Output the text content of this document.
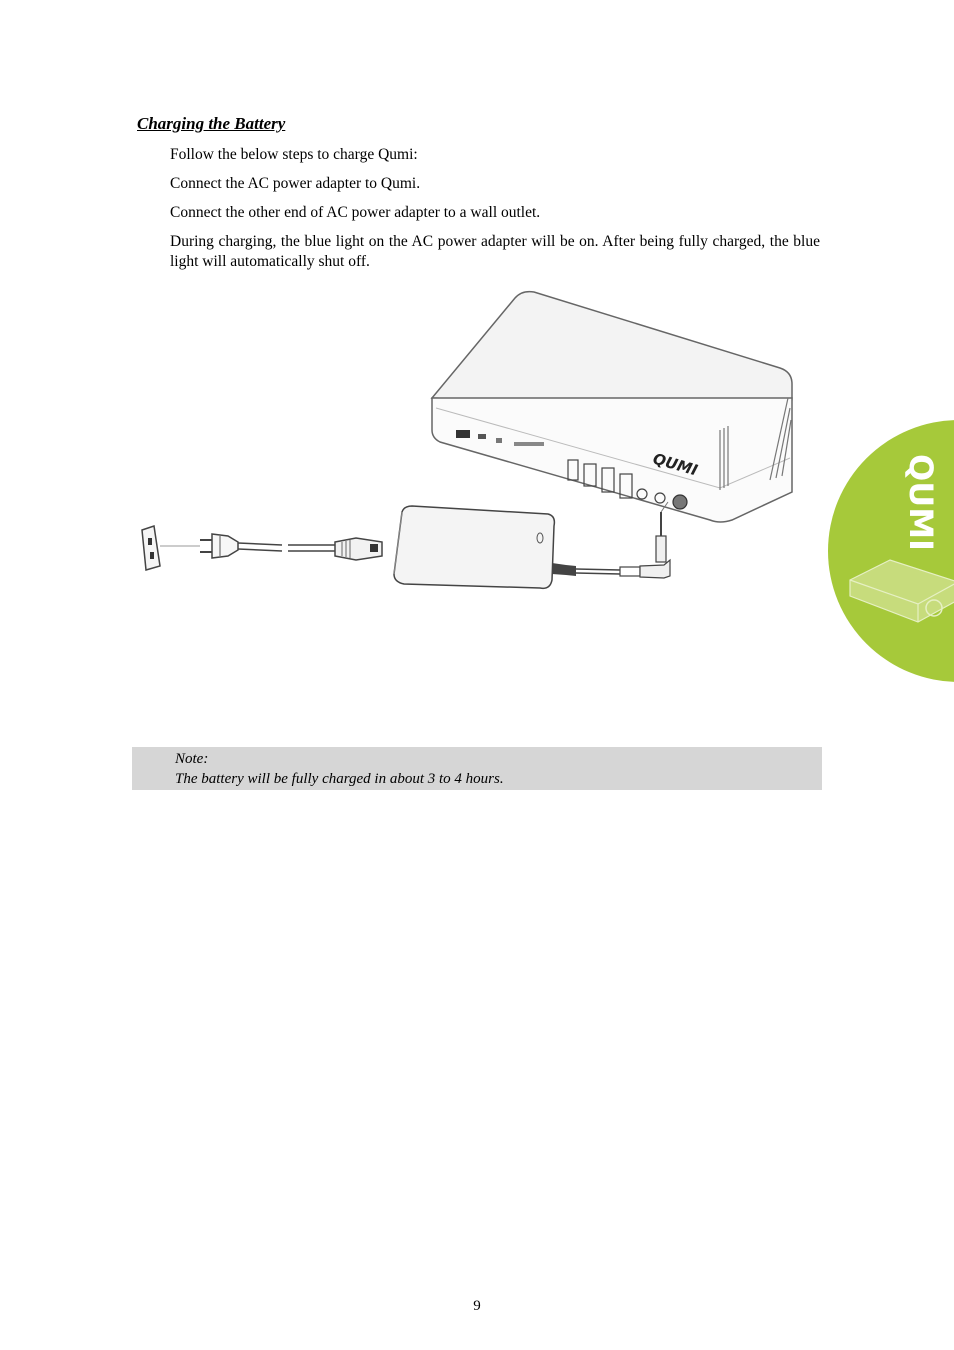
Charging the Battery
Follow the below steps to charge Qumi:
Connect the AC power adapter to Qumi.
Connect the other end of AC power adapter to a wall outlet.
During charging, the blue light on the AC power adapter will be on. After being fully charged, the blue light will automatically shut off.
QUMI
Note:
The battery will be fully charged in about 3 to 4 hours.
QUMI
9
